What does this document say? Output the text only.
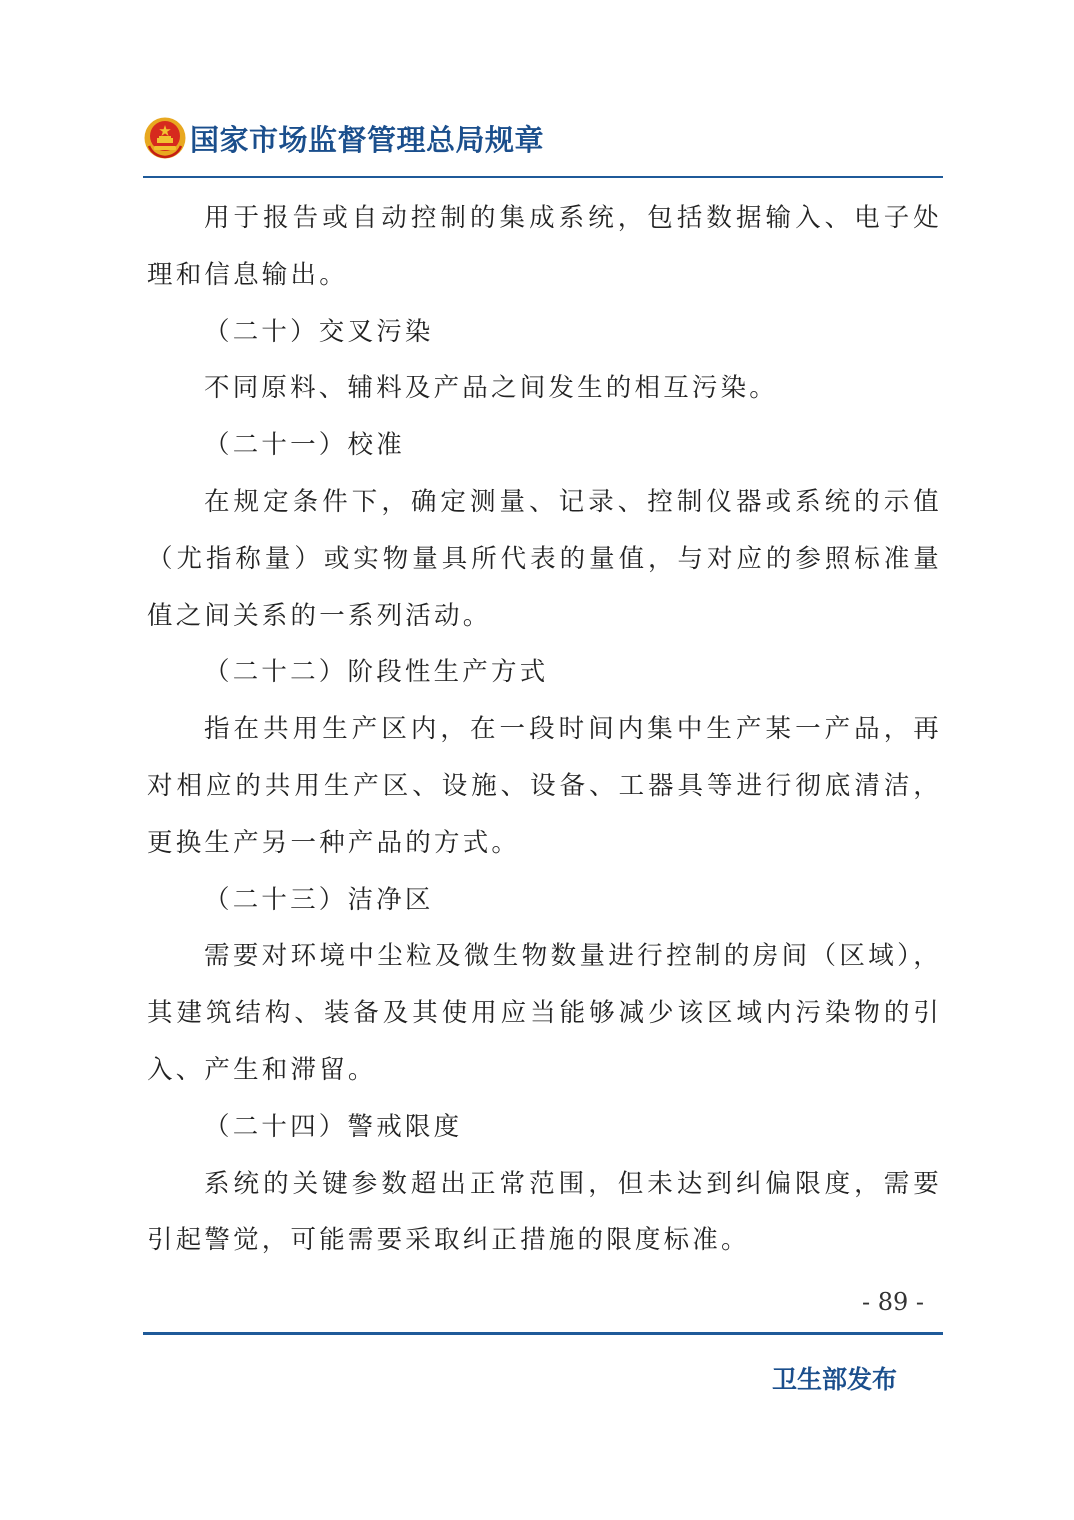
国家市场监督管理总局规章

用于报告或自动控制的集成系统，包括数据输入、电子处理和信息输出。

（二十）交叉污染

不同原料、辅料及产品之间发生的相互污染。

（二十一）校准

在规定条件下，确定测量、记录、控制仪器或系统的示值（尤指称量）或实物量具所代表的量值，与对应的参照标准量值之间关系的一系列活动。

（二十二）阶段性生产方式

指在共用生产区内，在一段时间内集中生产某一产品，再对相应的共用生产区、设施、设备、工器具等进行彻底清洁，更换生产另一种产品的方式。

（二十三）洁净区

需要对环境中尘粒及微生物数量进行控制的房间（区域），其建筑结构、装备及其使用应当能够减少该区域内污染物的引入、产生和滞留。

（二十四）警戒限度

系统的关键参数超出正常范围，但未达到纠偏限度，需要引起警觉，可能需要采取纠正措施的限度标准。

- 89 -
卫生部发布
